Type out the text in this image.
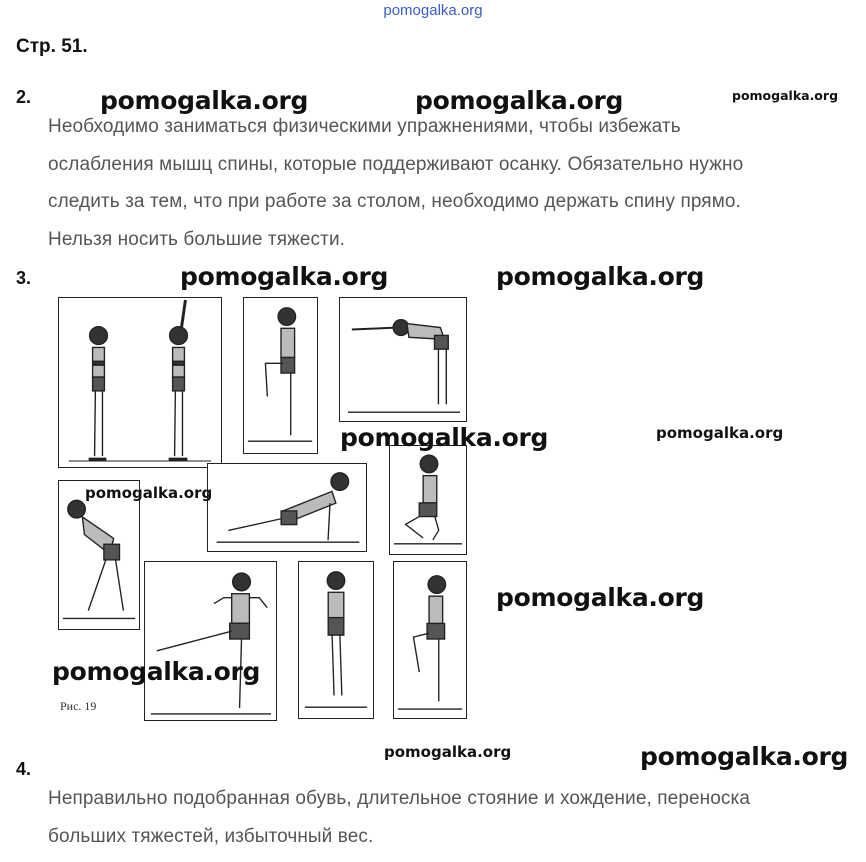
pomogalka.org
Стр. 51.
2.
Необходимо заниматься физическими упражнениями, чтобы избежать
ослабления мышц спины, которые поддерживают осанку. Обязательно нужно
следить за тем, что при работе за столом, необходимо держать спину прямо.
Нельзя носить большие тяжести.
3.
Рис. 19
4.
Неправильно подобранная обувь, длительное стояние и хождение, переноска
больших тяжестей, избыточный вес.
pomogalka.org	pomogalka.org	pomogalka.org
pomogalka.org	pomogalka.org
pomogalka.org	pomogalka.org
pomogalka.org
pomogalka.org
pomogalka.org
pomogalka.org	pomogalka.org
